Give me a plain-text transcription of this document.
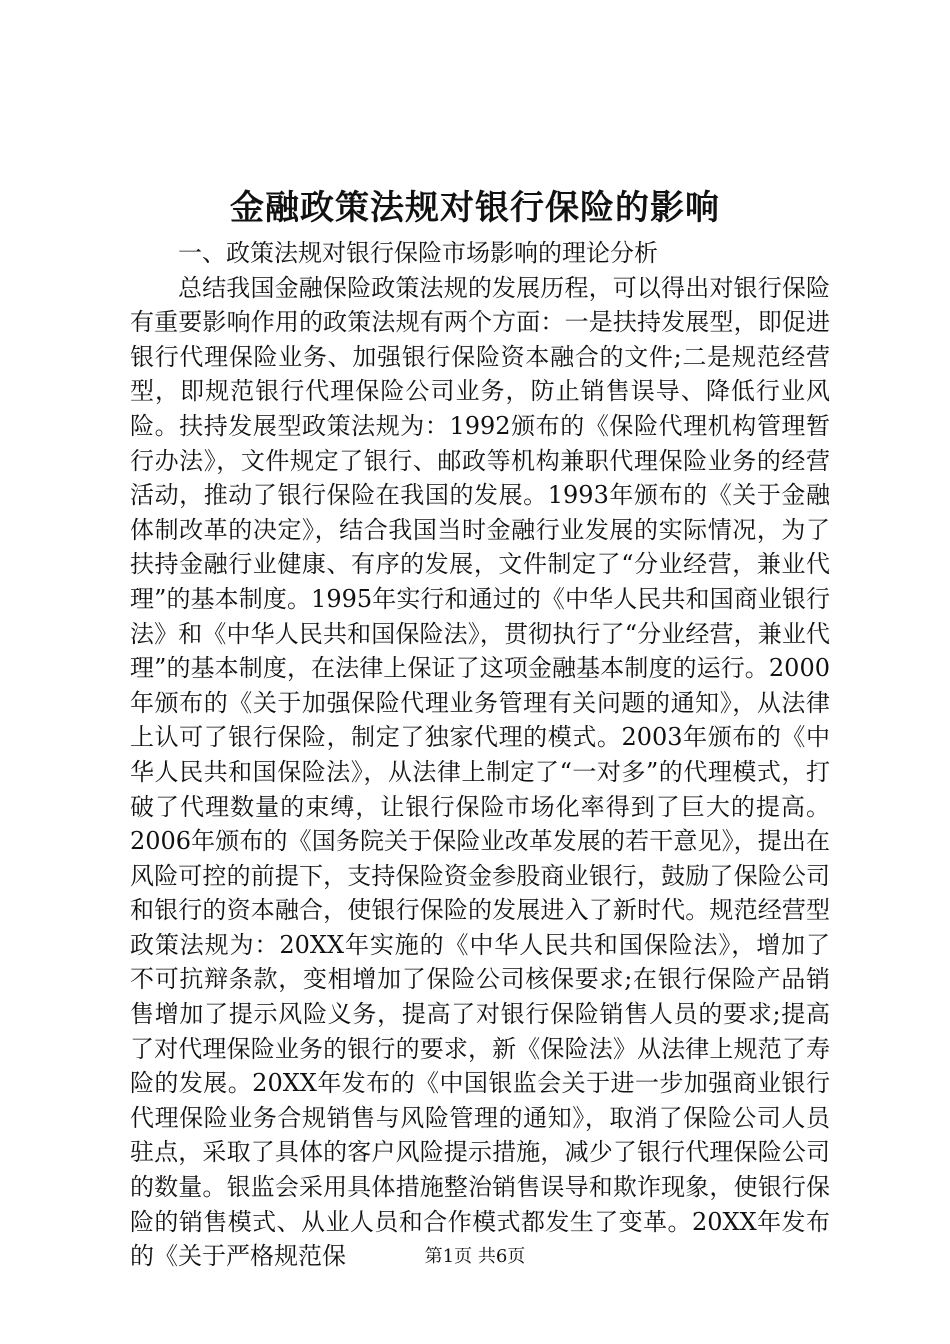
金融政策法规对银行保险的影响

一、政策法规对银行保险市场影响的理论分析

总结我国金融保险政策法规的发展历程，可以得出对银行保险有重要影响作用的政策法规有两个方面：一是扶持发展型，即促进银行代理保险业务、加强银行保险资本融合的文件;二是规范经营型，即规范银行代理保险公司业务，防止销售误导、降低行业风险。扶持发展型政策法规为：1992颁布的《保险代理机构管理暂行办法》，文件规定了银行、邮政等机构兼职代理保险业务的经营活动，推动了银行保险在我国的发展。1993年颁布的《关于金融体制改革的决定》，结合我国当时金融行业发展的实际情况，为了扶持金融行业健康、有序的发展，文件制定了“分业经营，兼业代理”的基本制度。1995年实行和通过的《中华人民共和国商业银行法》和《中华人民共和国保险法》，贯彻执行了“分业经营，兼业代理”的基本制度，在法律上保证了这项金融基本制度的运行。2000年颁布的《关于加强保险代理业务管理有关问题的通知》，从法律上认可了银行保险，制定了独家代理的模式。2003年颁布的《中华人民共和国保险法》，从法律上制定了“一对多”的代理模式，打破了代理数量的束缚，让银行保险市场化率得到了巨大的提高。2006年颁布的《国务院关于保险业改革发展的若干意见》，提出在风险可控的前提下，支持保险资金参股商业银行，鼓励了保险公司和银行的资本融合，使银行保险的发展进入了新时代。规范经营型政策法规为：20XX年实施的《中华人民共和国保险法》，增加了不可抗辩条款，变相增加了保险公司核保要求;在银行保险产品销售增加了提示风险义务，提高了对银行保险销售人员的要求;提高了对代理保险业务的银行的要求，新《保险法》从法律上规范了寿险的发展。20XX年发布的《中国银监会关于进一步加强商业银行代理保险业务合规销售与风险管理的通知》，取消了保险公司人员驻点，采取了具体的客户风险提示措施，减少了银行代理保险公司的数量。银监会采用具体措施整治销售误导和欺诈现象，使银行保险的销售模式、从业人员和合作模式都发生了变革。20XX年发布的《关于严格规范保	第1页 共6页
